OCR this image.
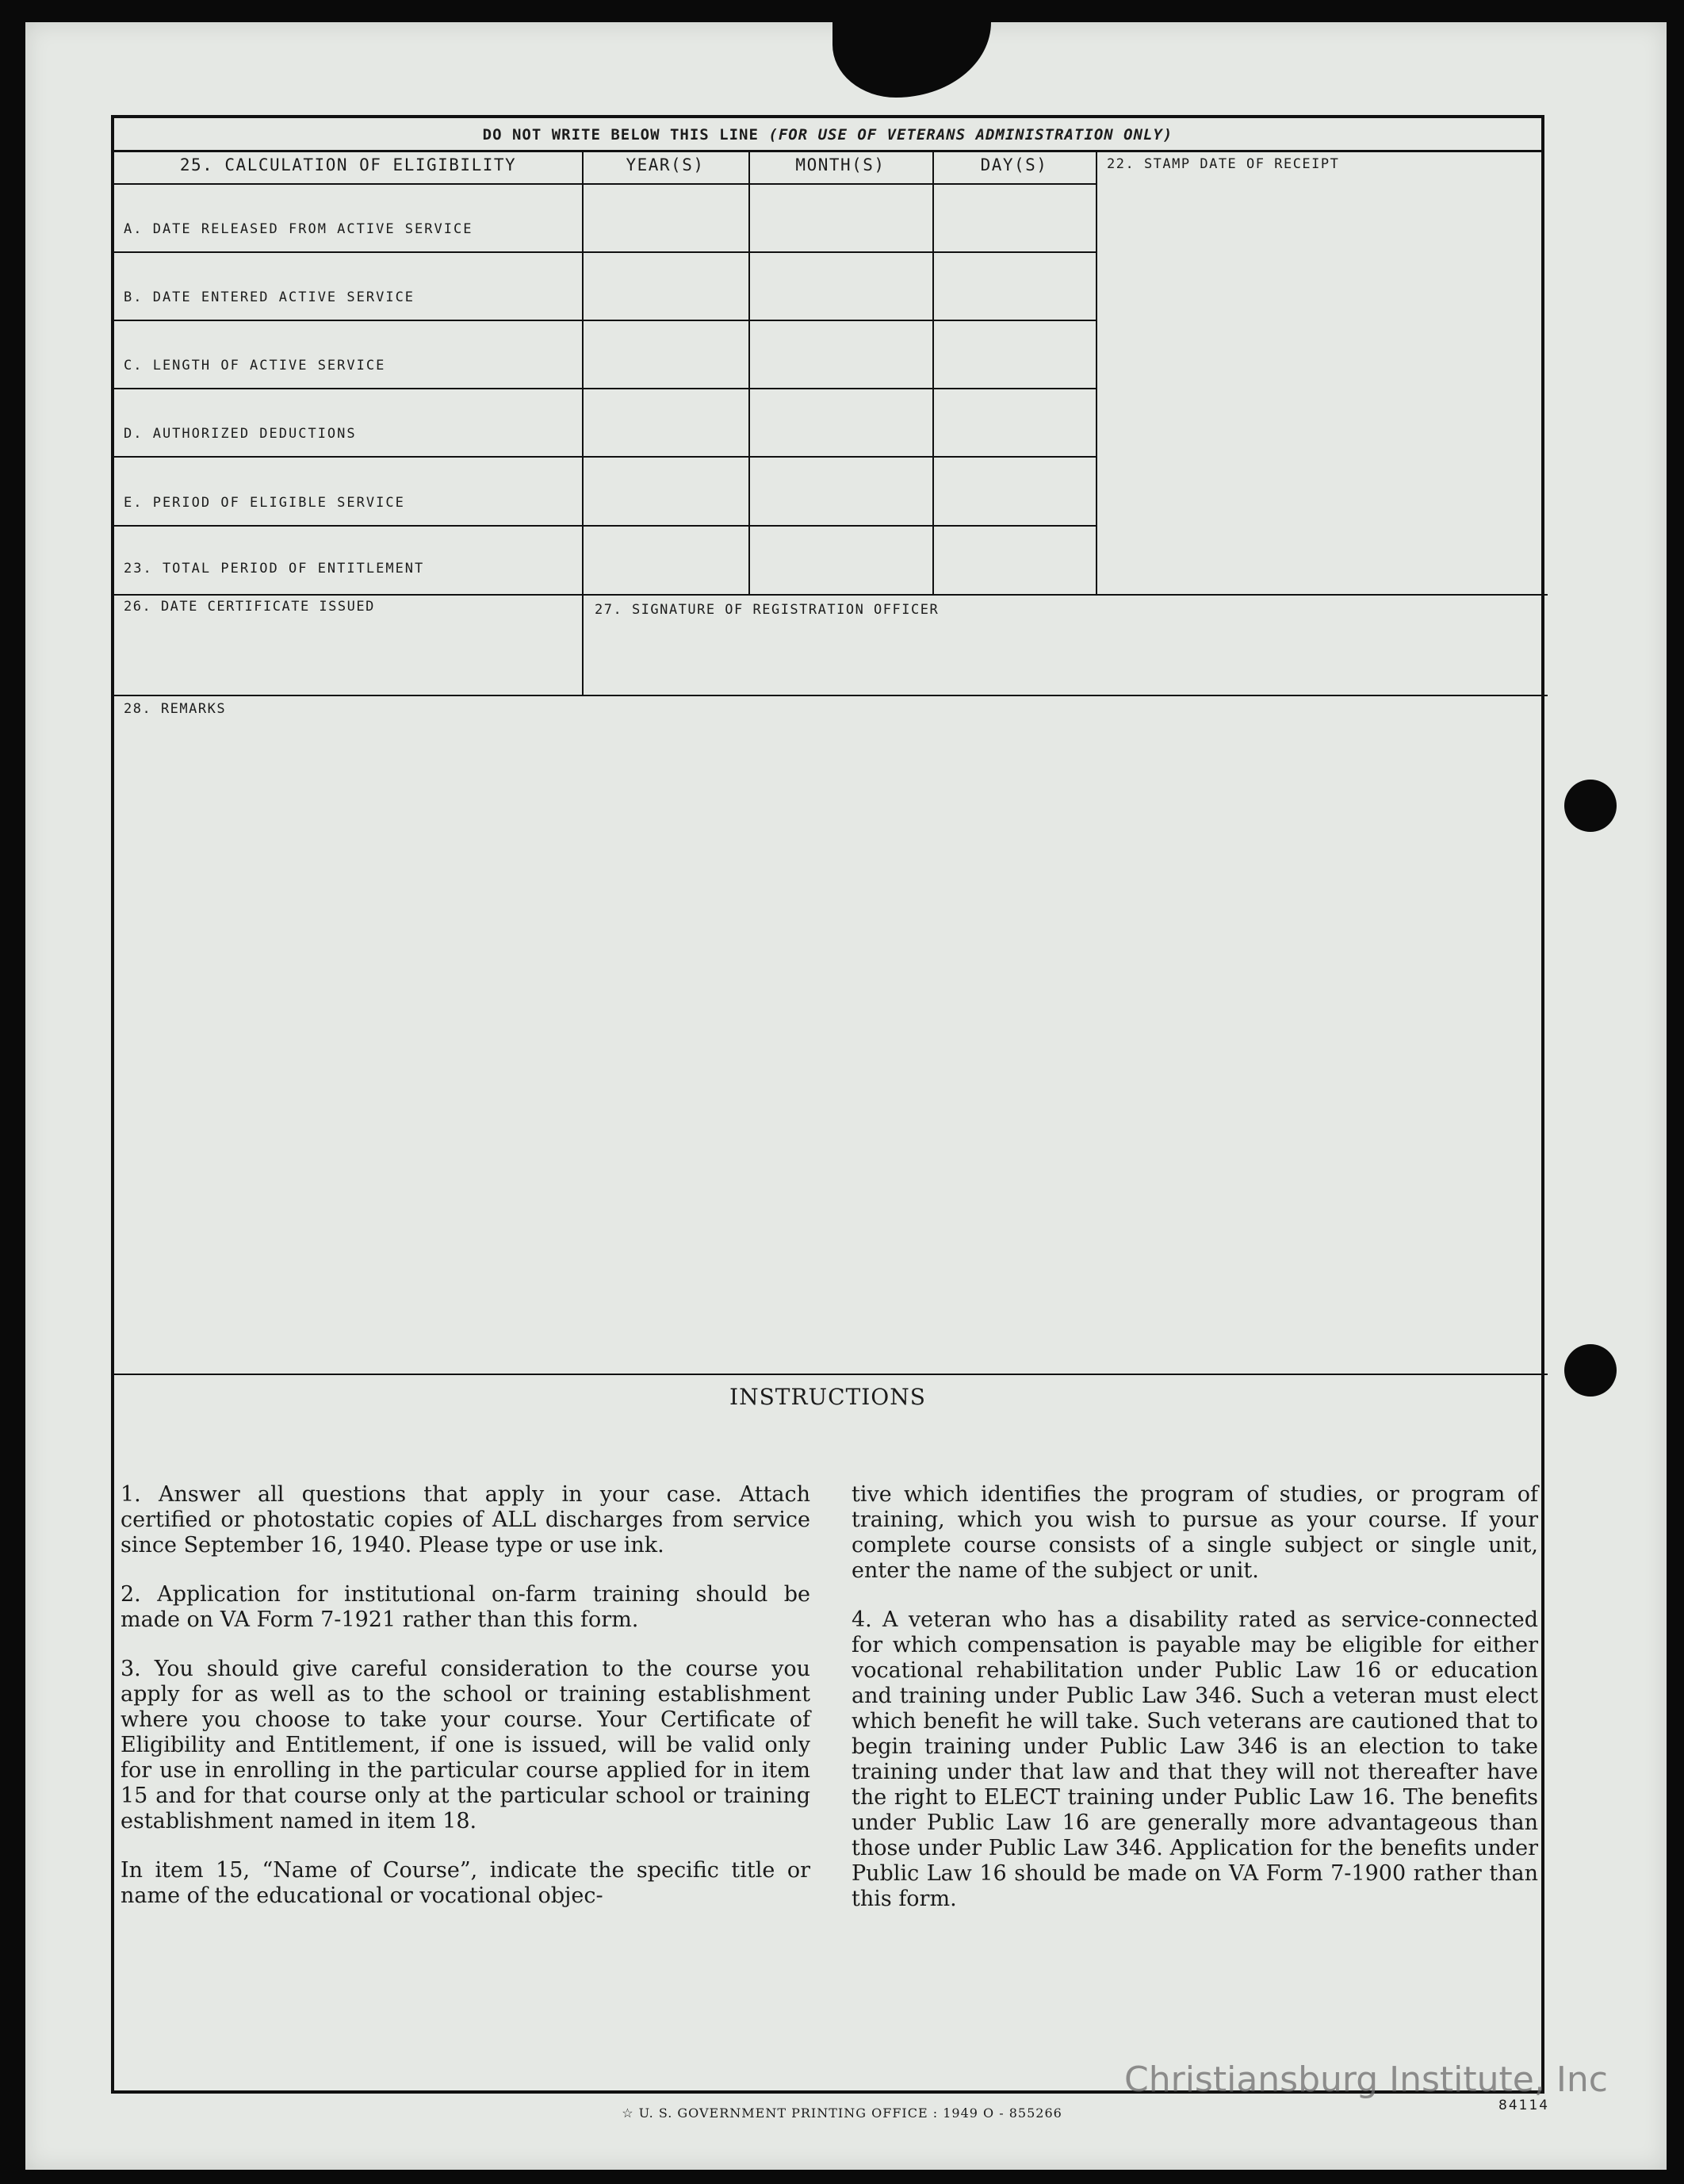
DO NOT WRITE BELOW THIS LINE (FOR USE OF VETERANS ADMINISTRATION ONLY)
25. CALCULATION OF ELIGIBILITY	YEAR(S)	MONTH(S)	DAY(S)
A. DATE RELEASED FROM ACTIVE SERVICE
B. DATE ENTERED ACTIVE SERVICE
C. LENGTH OF ACTIVE SERVICE
D. AUTHORIZED DEDUCTIONS
E. PERIOD OF ELIGIBLE SERVICE
23. TOTAL PERIOD OF ENTITLEMENT
22. STAMP DATE OF RECEIPT
26. DATE CERTIFICATE ISSUED	27. SIGNATURE OF REGISTRATION OFFICER
28. REMARKS
INSTRUCTIONS

1. Answer all questions that apply in your case. Attach certified or photostatic copies of ALL discharges from service since September 16, 1940. Please type or use ink.

2. Application for institutional on-farm training should be made on VA Form 7-1921 rather than this form.

3. You should give careful consideration to the course you apply for as well as to the school or training establishment where you choose to take your course. Your Certificate of Eligibility and Entitlement, if one is issued, will be valid only for use in enrolling in the particular course applied for in item 15 and for that course only at the particular school or training establishment named in item 18.

In item 15, “Name of Course”, indicate the specific title or name of the educational or vocational objec-

tive which identifies the program of studies, or program of training, which you wish to pursue as your course. If your complete course consists of a single subject or single unit, enter the name of the subject or unit.

4. A veteran who has a disability rated as service-connected for which compensation is payable may be eligible for either vocational rehabilitation under Public Law 16 or education and training under Public Law 346. Such a veteran must elect which benefit he will take. Such veterans are cautioned that to begin training under Public Law 346 is an election to take training under that law and that they will not thereafter have the right to ELECT training under Public Law 16. The benefits under Public Law 16 are generally more advantageous than those under Public Law 346. Application for the benefits under Public Law 16 should be made on VA Form 7-1900 rather than this form.

☆ U. S. GOVERNMENT PRINTING OFFICE : 1949 O - 855266	84114
Christiansburg Institute, Inc
